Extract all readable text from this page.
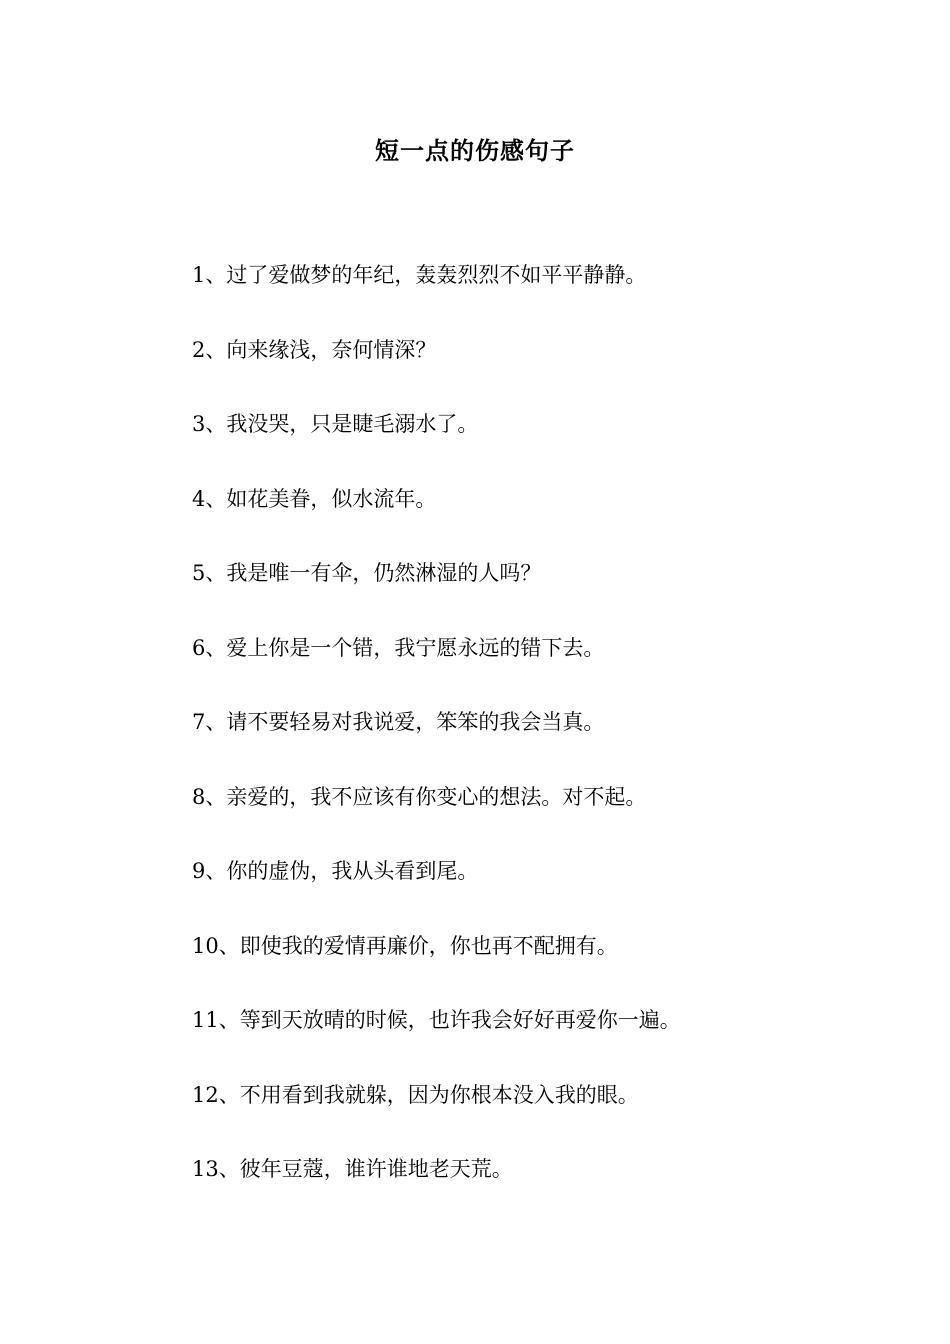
短一点的伤感句子
1、过了爱做梦的年纪，轰轰烈烈不如平平静静。
2、向来缘浅，奈何情深？
3、我没哭，只是睫毛溺水了。
4、如花美眷，似水流年。
5、我是唯一有伞，仍然淋湿的人吗？
6、爱上你是一个错，我宁愿永远的错下去。
7、请不要轻易对我说爱，笨笨的我会当真。
8、亲爱的，我不应该有你变心的想法。对不起。
9、你的虚伪，我从头看到尾。
10、即使我的爱情再廉价，你也再不配拥有。
11、等到天放晴的时候，也许我会好好再爱你一遍。
12、不用看到我就躲，因为你根本没入我的眼。
13、彼年豆蔻，谁许谁地老天荒。
